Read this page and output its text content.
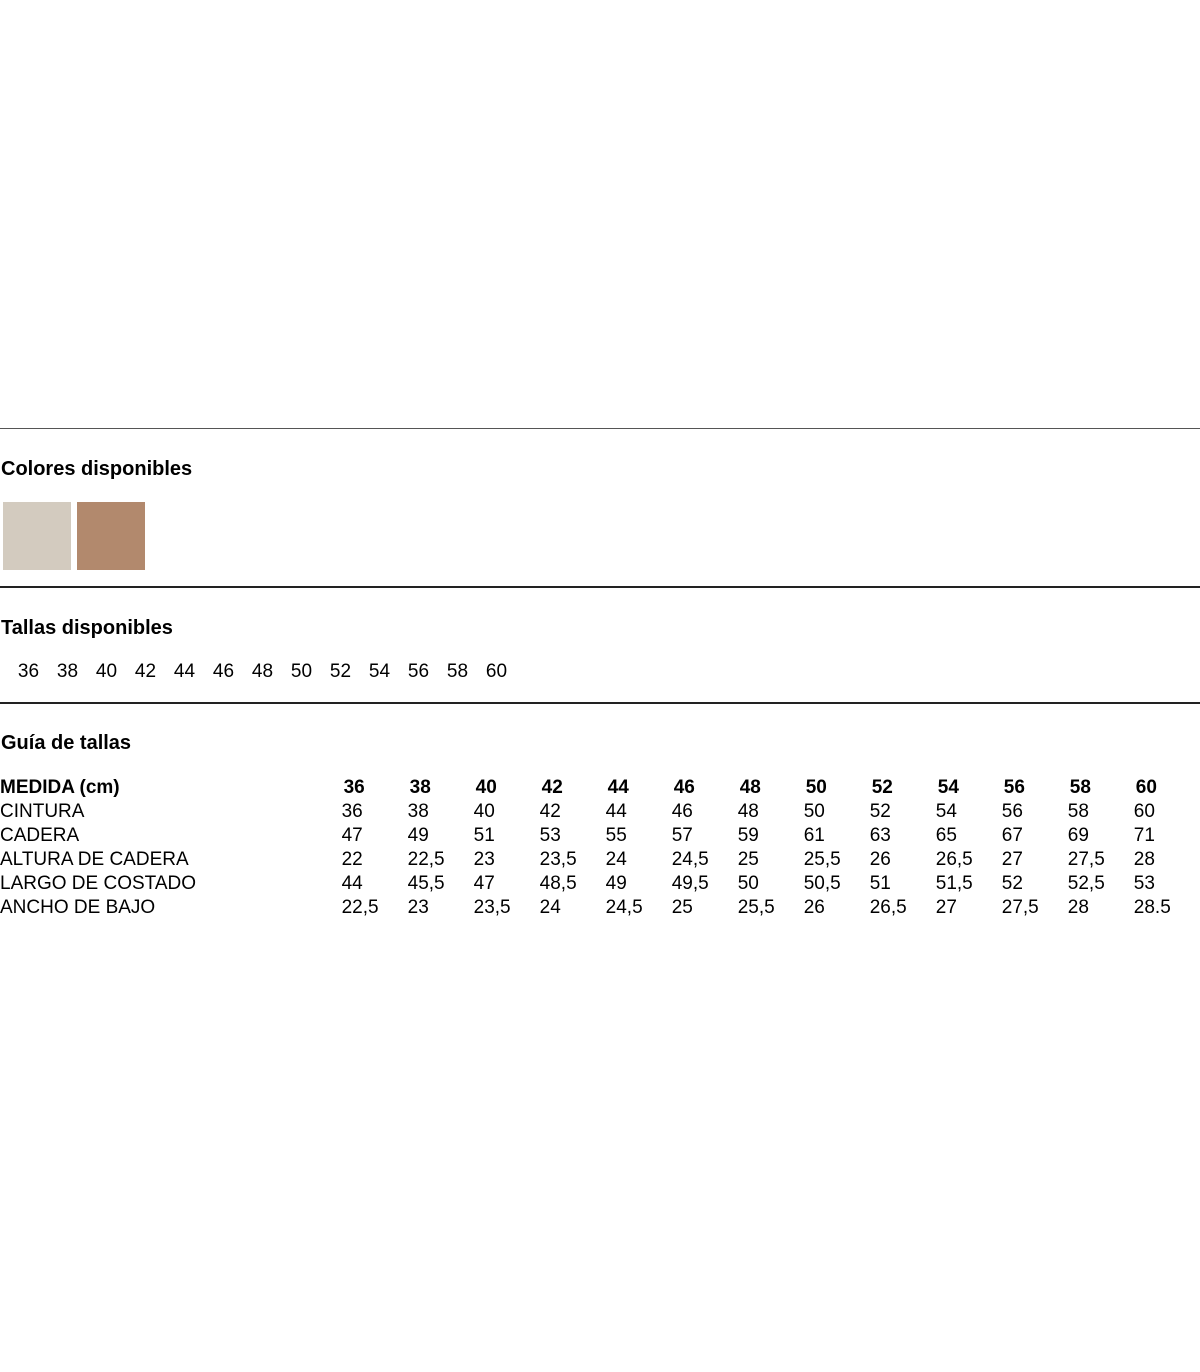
Colores disponibles
Tallas disponibles
36 38 40 42 44 46 48 50 52 54 56 58 60
Guía de tallas
MEDIDA (cm)	36	38	40	42	44	46	48	50	52	54	56	58	60
CINTURA	36	38	40	42	44	46	48	50	52	54	56	58	60
CADERA	47	49	51	53	55	57	59	61	63	65	67	69	71
ALTURA DE CADERA	22	22,5	23	23,5	24	24,5	25	25,5	26	26,5	27	27,5	28
LARGO DE COSTADO	44	45,5	47	48,5	49	49,5	50	50,5	51	51,5	52	52,5	53
ANCHO DE BAJO	22,5	23	23,5	24	24,5	25	25,5	26	26,5	27	27,5	28	28.5
